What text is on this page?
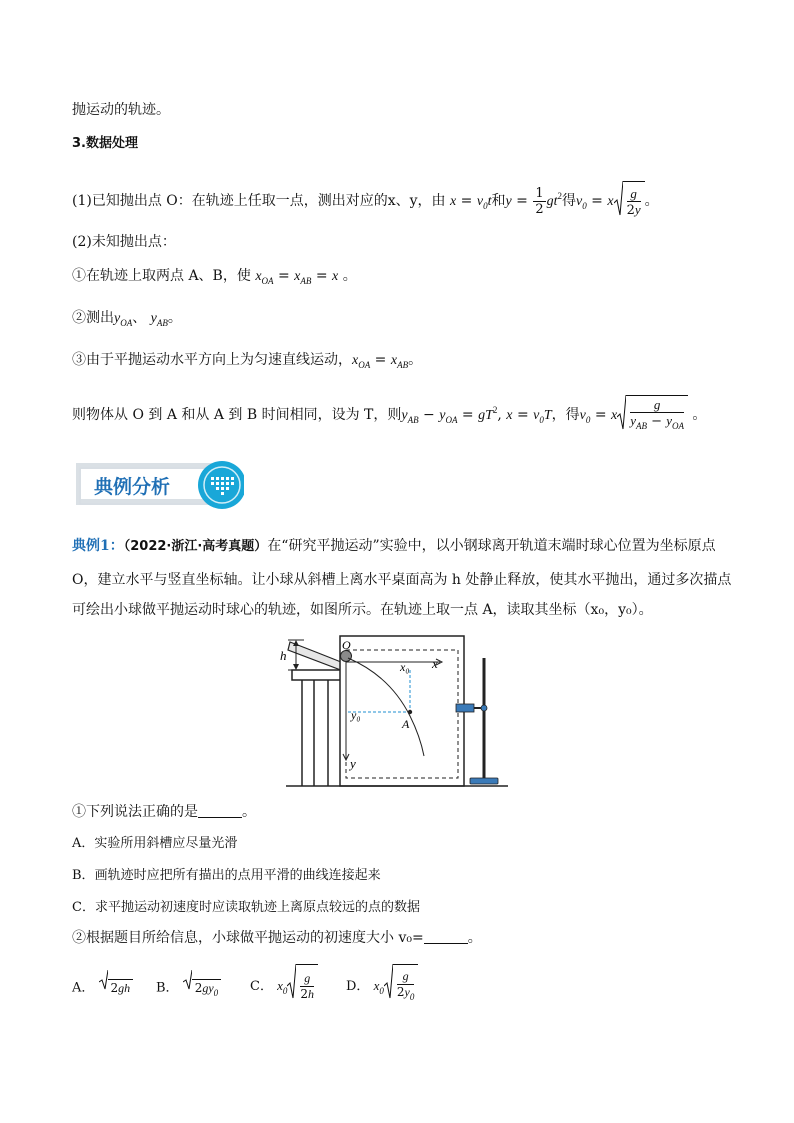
抛运动的轨迹。
3.数据处理
(1)已知抛出点 O：在轨迹上任取一点，测出对应的x、y，由 $x = v_0t$和$y = \frac{1}{2} gt^2$得$v_0 = x \frac{g}{2y}$ 。
(2)未知抛出点：
①在轨迹上取两点 A、B，使 $x_{OA} = x_{AB} = x$ 。
②测出$y_{OA}$、 $y_{AB}$。
③由于平抛运动水平方向上为匀速直线运动，$x_{OA} = x_{AB}$。
则物体从 O 到 A 和从 A 到 B 时间相同，设为 T，则$y_{AB} - y_{OA} = gT^2$, $x = v_0T$，得$v_0 = x \frac{g}{y_{AB} - y_{OA}}$ 。
典例分析
典例1：（2022·浙江·高考真题）在“研究平抛运动”实验中，以小钢球离开轨道末端时球心位置为坐标原点
O，建立水平与竖直坐标轴。让小球从斜槽上离水平桌面高为 h 处静止释放，使其水平抛出，通过多次描点
可绘出小球做平抛运动时球心的轨迹，如图所示。在轨迹上取一点 A，读取其坐标（x₀，y₀）。
h
O
x
y
x₀
y₀
A
①下列说法正确的是	。
A．实验所用斜槽应尽量光滑
B．画轨迹时应把所有描出的点用平滑的曲线连接起来
C．求平抛运动初速度时应读取轨迹上离原点较远的点的数据
②根据题目所给信息，小球做平抛运动的初速度大小 v₀=	。
A． 2gh B． $2gy_0$ C． $x_0 \frac{g}{2h}$ D． $x_0 \frac{g}{2y_0}$
